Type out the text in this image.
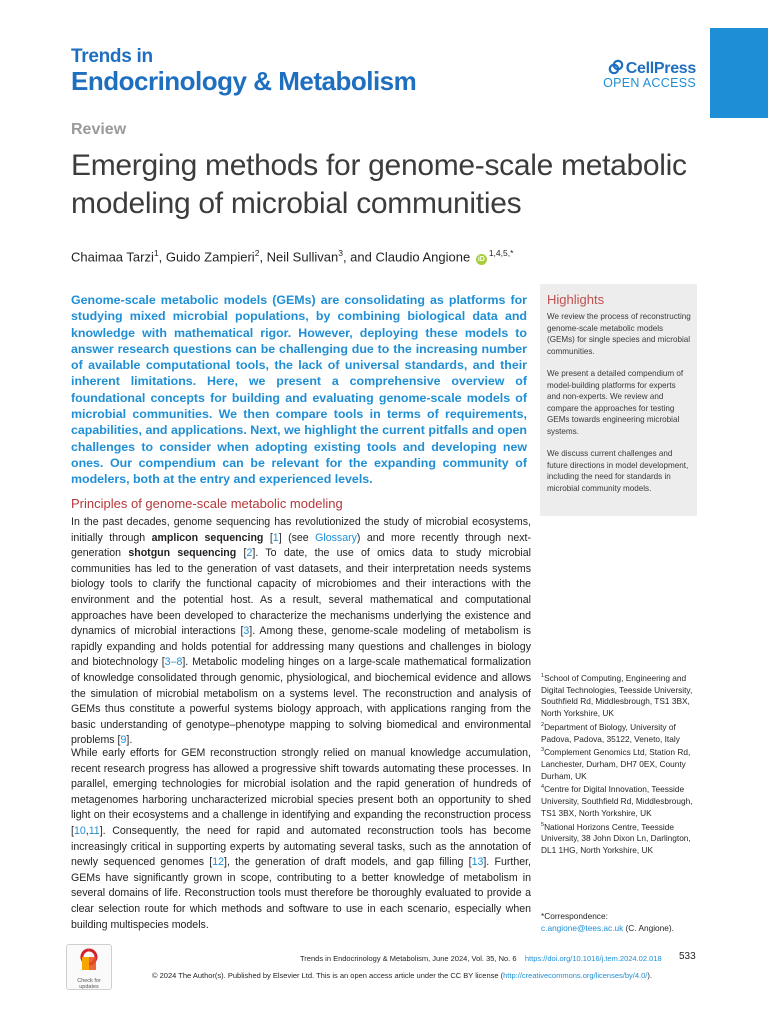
Trends in
Endocrinology & Metabolism	CellPress
OPEN ACCESS
Review
Emerging methods for genome-scale metabolic modeling of microbial communities
Chaimaa Tarzi$^1$, Guido Zampieri$^2$, Neil Sullivan$^3$, and Claudio Angione $iD^{1,4,5,*}$

Genome-scale metabolic models (GEMs) are consolidating as platforms for studying mixed microbial populations, by combining biological data and knowledge with mathematical rigor. However, deploying these models to answer research questions can be challenging due to the increasing number of available computational tools, the lack of universal standards, and their inherent limitations. Here, we present a comprehensive overview of foundational concepts for building and evaluating genome-scale models of microbial communities. We then compare tools in terms of requirements, capabilities, and applications. Next, we highlight the current pitfalls and open challenges to consider when adopting existing tools and developing new ones. Our compendium can be relevant for the expanding community of modelers, both at the entry and experienced levels.

Highlights

We review the process of reconstructing genome-scale metabolic models (GEMs) for single species and microbial communities.

We present a detailed compendium of model-building platforms for experts and non-experts. We review and compare the approaches for testing GEMs towards engineering microbial systems.

We discuss current challenges and future directions in model development, including the need for standards in microbial community models.

Principles of genome-scale metabolic modeling

In the past decades, genome sequencing has revolutionized the study of microbial ecosystems, initially through amplicon sequencing [1] (see Glossary) and more recently through next-generation shotgun sequencing [2]. To date, the use of omics data to study microbial communities has led to the generation of vast datasets, and their interpretation needs systems biology tools to clarify the functional capacity of microbiomes and their interactions with the environment and the potential host. As a result, several mathematical and computational approaches have been developed to characterize the mechanisms underlying the existence and dynamics of microbial interactions [3]. Among these, genome-scale modeling of metabolism is rapidly expanding and holds potential for addressing many questions and challenges in biology and biotechnology [3–8]. Metabolic modeling hinges on a large-scale mathematical formalization of knowledge consolidated through genomic, physiological, and biochemical evidence and allows the simulation of microbial metabolism on a systems level. The reconstruction and analysis of GEMs thus constitute a powerful systems biology approach, with applications ranging from the basic understanding of genotype–phenotype mapping to solving biomedical and environmental problems [9].

While early efforts for GEM reconstruction strongly relied on manual knowledge accumulation, recent research progress has allowed a progressive shift towards automating these processes. In parallel, emerging technologies for microbial isolation and the rapid generation of hundreds of metagenomes harboring uncharacterized microbial species present both an opportunity to shed light on their ecosystems and a challenge in identifying and expanding the reconstruction process [10,11]. Consequently, the need for rapid and automated reconstruction tools has become increasingly critical in supporting experts by automating several tasks, such as the annotation of newly sequenced genomes [12], the generation of draft models, and gap filling [13]. Further, GEMs have significantly grown in scope, contributing to a better knowledge of metabolism in several domains of life. Reconstruction tools must therefore be thoroughly evaluated to provide a clear selection route for which methods and software to use in each scenario, especially when building multispecies models.

$^1$School of Computing, Engineering and Digital Technologies, Teesside University, Southfield Rd, Middlesbrough, TS1 3BX, North Yorkshire, UK
$^2$Department of Biology, University of Padova, Padova, 35122, Veneto, Italy
$^3$Complement Genomics Ltd, Station Rd, Lanchester, Durham, DH7 0EX, County Durham, UK
$^4$Centre for Digital Innovation, Teesside University, Southfield Rd, Middlesbrough, TS1 3BX, North Yorkshire, UK
$^5$National Horizons Centre, Teesside University, 38 John Dixon Ln, Darlington, DL1 1HG, North Yorkshire, UK
*Correspondence:
c.angione@tees.ac.uk (C. Angione).
Check for
updates
Trends in Endocrinology & Metabolism, June 2024, Vol. 35, No. 6 https://doi.org/10.1016/j.tem.2024.02.018 533
© 2024 The Author(s). Published by Elsevier Ltd. This is an open access article under the CC BY license (http://creativecommons.org/licenses/by/4.0/).
